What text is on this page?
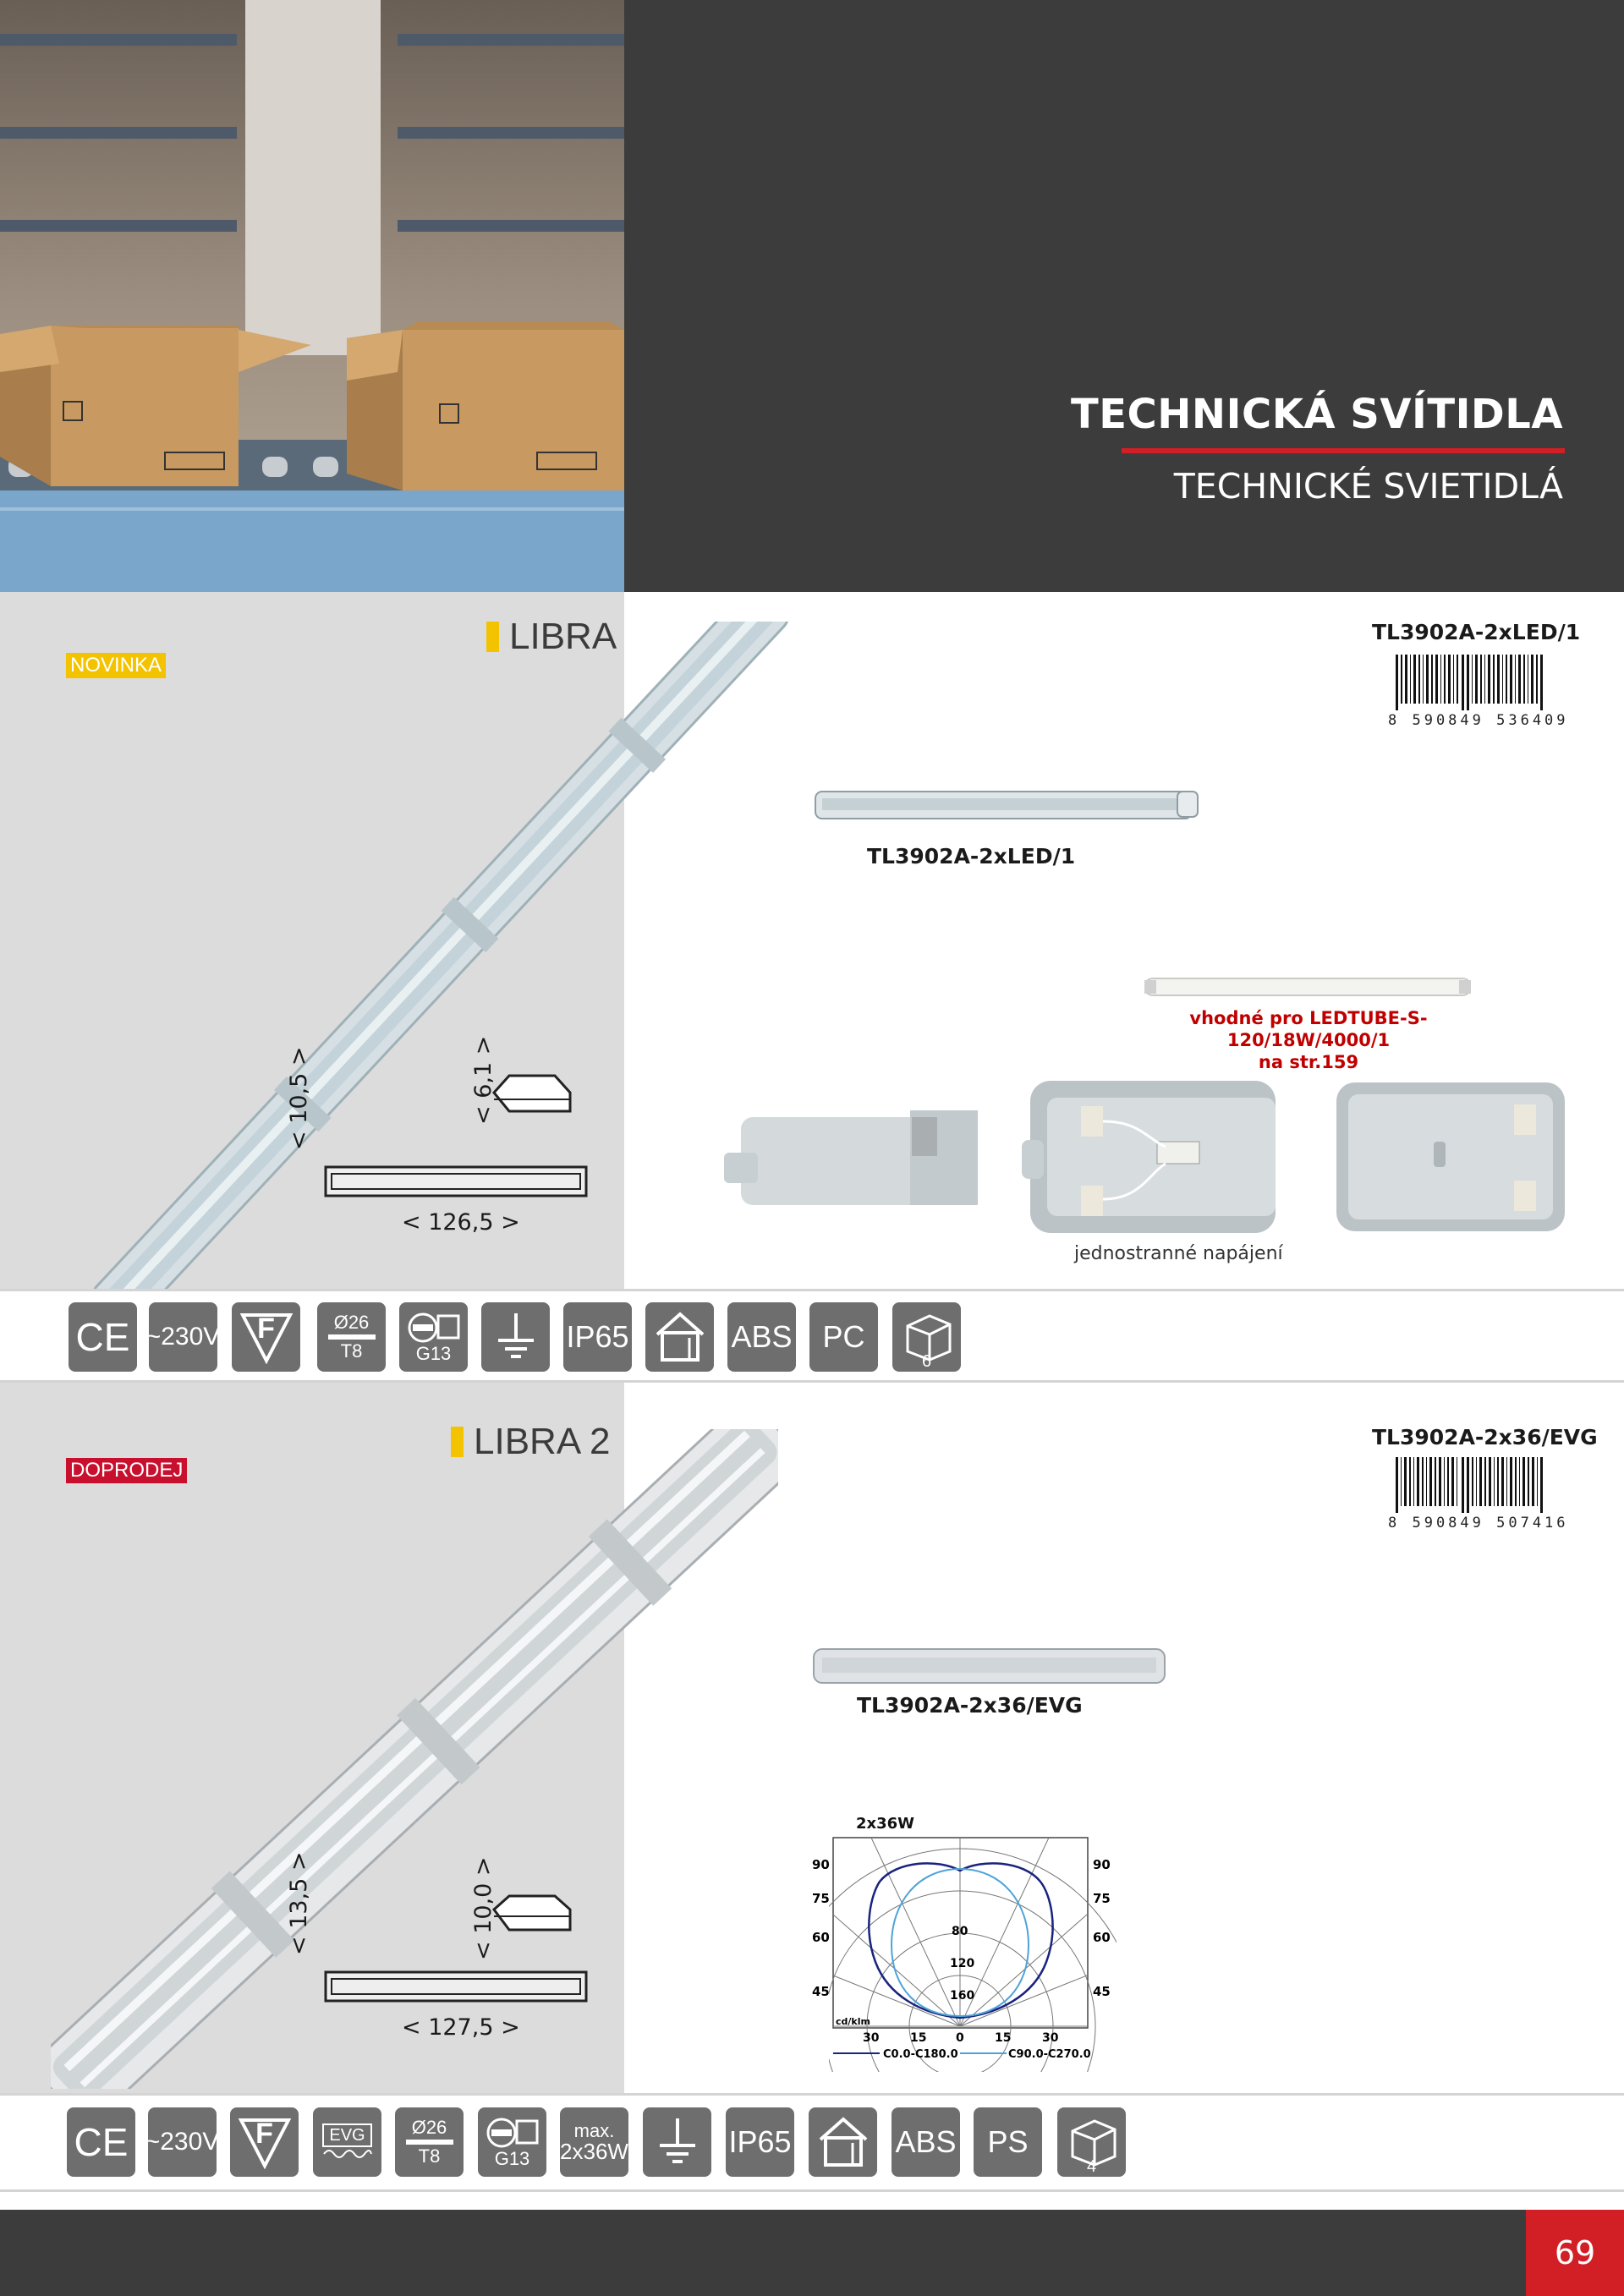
TECHNICKÁ SVÍTIDLA
TECHNICKÉ SVIETIDLÁ
NOVINKA
LIBRA
< 10,5 >
< 126,5 >
< 6,1 >
TL3902A-2xLED/1
8 590849 536409
TL3902A-2xLED/1
vhodné pro LEDTUBE-S-120/18W/4000/1
na str.159
jednostranné napájení
CE ~230V F	Ø26
T8	G13	IP65	ABS PC
6
DOPRODEJ
LIBRA 2
< 13,5 >
< 127,5 >
< 10,0 >
TL3902A-2x36/EVG
8 590849 507416
TL3902A-2x36/EVG
2x36W
90
75
60
45
90
75
60
45
80
120
160
cd/klm
30	15 0	15	30
C0.0-C180.0	C90.0-C270.0
CE ~230V F	EVG	Ø26
T8	G13
max.
2x36W	IP65	ABS PS
4
69
